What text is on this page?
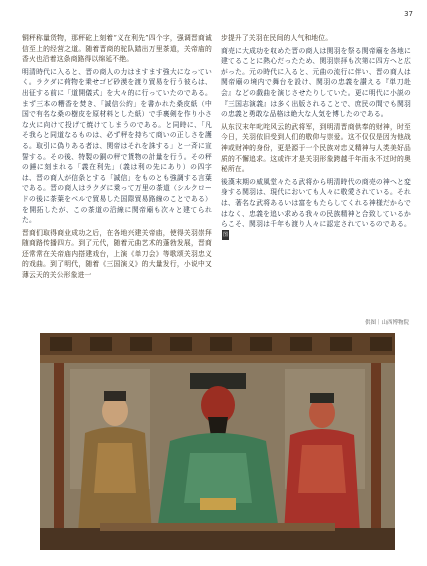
37

铜秤称量货物，那秤砣上刻着“义在利先”四个字，强调晋商诚信至上的经营之道。随着晋商的驼队踏出万里茶道，关帝庙的香火也沿着这条商路得以绵延不绝。

明清時代に入ると、晋の商人の力はますます強大になっていく。ラクダに荷物を乗せゴビ砂漠を渡り貿易を行う彼らは、出征する前に「道開儀式」を大々的に行っていたのである。まず三本の糟香を焚き、「誠信公約」を書かれた桑皮紙（中国で有名な桑の樹皮を原材料とした紙）で手裏剣を作り小さな火に向けて投げて焼けてしまうのである。と同時に、「凡そ我らと同道なるものは、必ず秤を持ちて商いの正しさを護る。取引に偽りある者は、関帝はそれを誅する」と一斉に宣誓する。その後、特製の銅の秤で貨物の計量を行う。その秤の錘に刻まれる「義在利先」（義は利の先にあり）の四字は、晋の商人が信条とする「誠信」をものとも強調する言葉である。晋の商人はラクダに乗って万里の茶道（シルクロードの後に茶葉をベルで貿易した国際貿易路線のことである）を開拓したが、この茶道の沿線に関帝廟も次々と建てられた。

晋商们取得商业成功之后，在各地兴建关帝庙，使得关羽崇拜随商路传播四方。到了元代，随着元曲艺术的蓬勃发展，晋商还常常在关帝庙内搭建戏台，上演《单刀会》等歌颂关羽忠义的戏曲。到了明代，随着《三国演义》的大量发行，小说中又薄云天的关公形象进一

步提升了关羽在民间的人气和地位。

商売に大成功を収めた晋の商人は関羽を祭る関帝廟を各地に建てることに熱心だったため、関羽崇拝も次第に四方へと広がった。元の時代に入ると、元曲の流行に伴い、晋の商人は関帝廟の境内で舞台を設け、関羽の忠義を讃える『単刀赴会』などの戯曲を演じさせたりしていた。更に明代に小説の『三国志演義』は多く出版されることで、庶民の間でも関羽の忠義と勇敢な品格は絶大な人気を博したのである。

从东汉末年叱咤风云的武将军，到明清晋商供奉的财神，时至今日，关羽依旧受到人们的敬仰与崇爱。这不仅仅是因为他战神或财神的身份，更是源于一个民族对忠义精神与人类美好品质的不懈追求。这或许才是关羽形象跨越千年而永不过时的奥秘所在。

後漢末期の威風堂々たる武将から明清時代の商売の神へと変身する関羽は、現代においても人々に敬愛されている。それは、著名な武将あるいは富をもたらしてくれる神様だからではなく、忠義を追い求める我々の民族精神と合致しているからこそ、関羽は千年も渡り人々に認定されているのである。图

供图｜山西博物院
